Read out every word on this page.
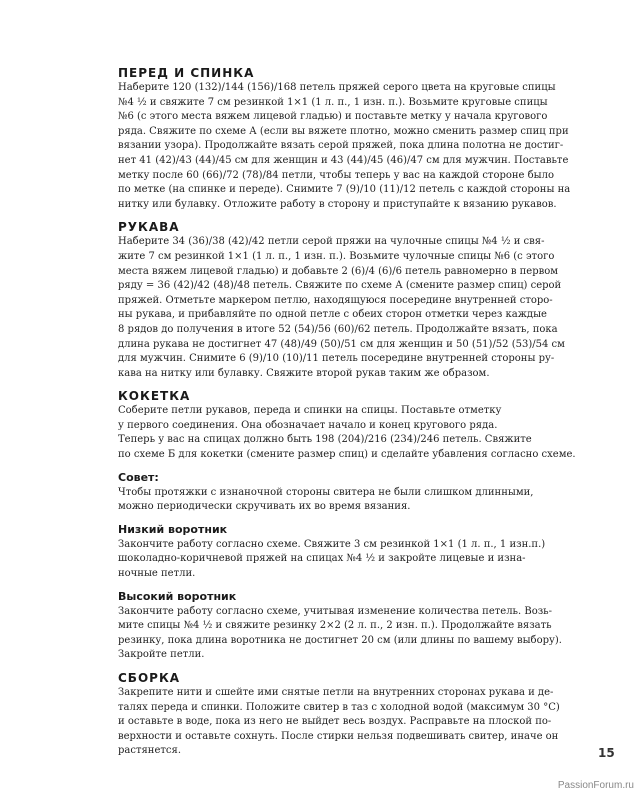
ПЕРЕД И СПИНКА

Наберите 120 (132)/144 (156)/168 петель пряжей серого цвета на круговые спицы

№4 ½ и свяжите 7 см резинкой 1×1 (1 л. п., 1 изн. п.). Возьмите круговые спицы

№6 (с этого места вяжем лицевой гладью) и поставьте метку у начала кругового

ряда. Свяжите по схеме А (если вы вяжете плотно, можно сменить размер спиц при

вязании узора). Продолжайте вязать серой пряжей, пока длина полотна не достиг-

нет 41 (42)/43 (44)/45 см для женщин и 43 (44)/45 (46)/47 см для мужчин. Поставьте

метку после 60 (66)/72 (78)/84 петли, чтобы теперь у вас на каждой стороне было

по метке (на спинке и переде). Снимите 7 (9)/10 (11)/12 петель с каждой стороны на

нитку или булавку. Отложите работу в сторону и приступайте к вязанию рукавов.

РУКАВА

Наберите 34 (36)/38 (42)/42 петли серой пряжи на чулочные спицы №4 ½ и свя-

жите 7 см резинкой 1×1 (1 л. п., 1 изн. п.). Возьмите чулочные спицы №6 (с этого

места вяжем лицевой гладью) и добавьте 2 (6)/4 (6)/6 петель равномерно в первом

ряду = 36 (42)/42 (48)/48 петель. Свяжите по схеме А (смените размер спиц) серой

пряжей. Отметьте маркером петлю, находящуюся посередине внутренней сторо-

ны рукава, и прибавляйте по одной петле с обеих сторон отметки через каждые

8 рядов до получения в итоге 52 (54)/56 (60)/62 петель. Продолжайте вязать, пока

длина рукава не достигнет 47 (48)/49 (50)/51 см для женщин и 50 (51)/52 (53)/54 см

для мужчин. Снимите 6 (9)/10 (10)/11 петель посередине внутренней стороны ру-

кава на нитку или булавку. Свяжите второй рукав таким же образом.

КОКЕТКА

Соберите петли рукавов, переда и спинки на спицы. Поставьте отметку

у первого соединения. Она обозначает начало и конец кругового ряда.

Теперь у вас на спицах должно быть 198 (204)/216 (234)/246 петель. Свяжите

по схеме Б для кокетки (смените размер спиц) и сделайте убавления согласно схеме.

Совет:

Чтобы протяжки с изнаночной стороны свитера не были слишком длинными,

можно периодически скручивать их во время вязания.

Низкий воротник

Закончите работу согласно схеме. Свяжите 3 см резинкой 1×1 (1 л. п., 1 изн.п.)

шоколадно-коричневой пряжей на спицах №4 ½ и закройте лицевые и изна-

ночные петли.

Высокий воротник

Закончите работу согласно схеме, учитывая изменение количества петель. Возь-

мите спицы №4 ½ и свяжите резинку 2×2 (2 л. п., 2 изн. п.). Продолжайте вязать

резинку, пока длина воротника не достигнет 20 см (или длины по вашему выбору).

Закройте петли.

СБОРКА

Закрепите нити и сшейте ими снятые петли на внутренних сторонах рукава и де-

талях переда и спинки. Положите свитер в таз с холодной водой (максимум 30 °С)

и оставьте в воде, пока из него не выйдет весь воздух. Расправьте на плоской по-

верхности и оставьте сохнуть. После стирки нельзя подвешивать свитер, иначе он

растянется.	15
PassionForum.ru
